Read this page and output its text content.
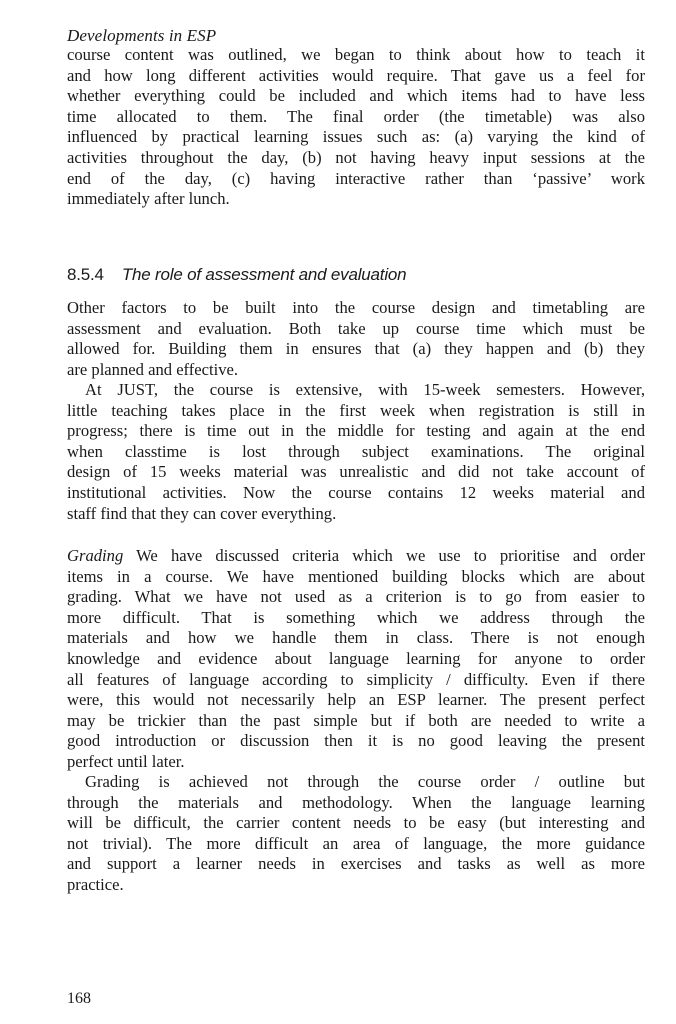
Developments in ESP

course content was outlined, we began to think about how to teach it
and how long different activities would require. That gave us a feel for
whether everything could be included and which items had to have less
time allocated to them. The final order (the timetable) was also
influenced by practical learning issues such as: (a) varying the kind of
activities throughout the day, (b) not having heavy input sessions at the
end of the day, (c) having interactive rather than ‘passive’ work
immediately after lunch.

8.5.4 The role of assessment and evaluation

Other factors to be built into the course design and timetabling are
assessment and evaluation. Both take up course time which must be
allowed for. Building them in ensures that (a) they happen and (b) they
are planned and effective.

At JUST, the course is extensive, with 15-week semesters. However,
little teaching takes place in the first week when registration is still in
progress; there is time out in the middle for testing and again at the end
when classtime is lost through subject examinations. The original
design of 15 weeks material was unrealistic and did not take account of
institutional activities. Now the course contains 12 weeks material and
staff find that they can cover everything.

Grading We have discussed criteria which we use to prioritise and order
items in a course. We have mentioned building blocks which are about
grading. What we have not used as a criterion is to go from easier to
more difficult. That is something which we address through the
materials and how we handle them in class. There is not enough
knowledge and evidence about language learning for anyone to order
all features of language according to simplicity / difficulty. Even if there
were, this would not necessarily help an ESP learner. The present perfect
may be trickier than the past simple but if both are needed to write a
good introduction or discussion then it is no good leaving the present
perfect until later.

Grading is achieved not through the course order / outline but
through the materials and methodology. When the language learning
will be difficult, the carrier content needs to be easy (but interesting and
not trivial). The more difficult an area of language, the more guidance
and support a learner needs in exercises and tasks as well as more
practice.

168
